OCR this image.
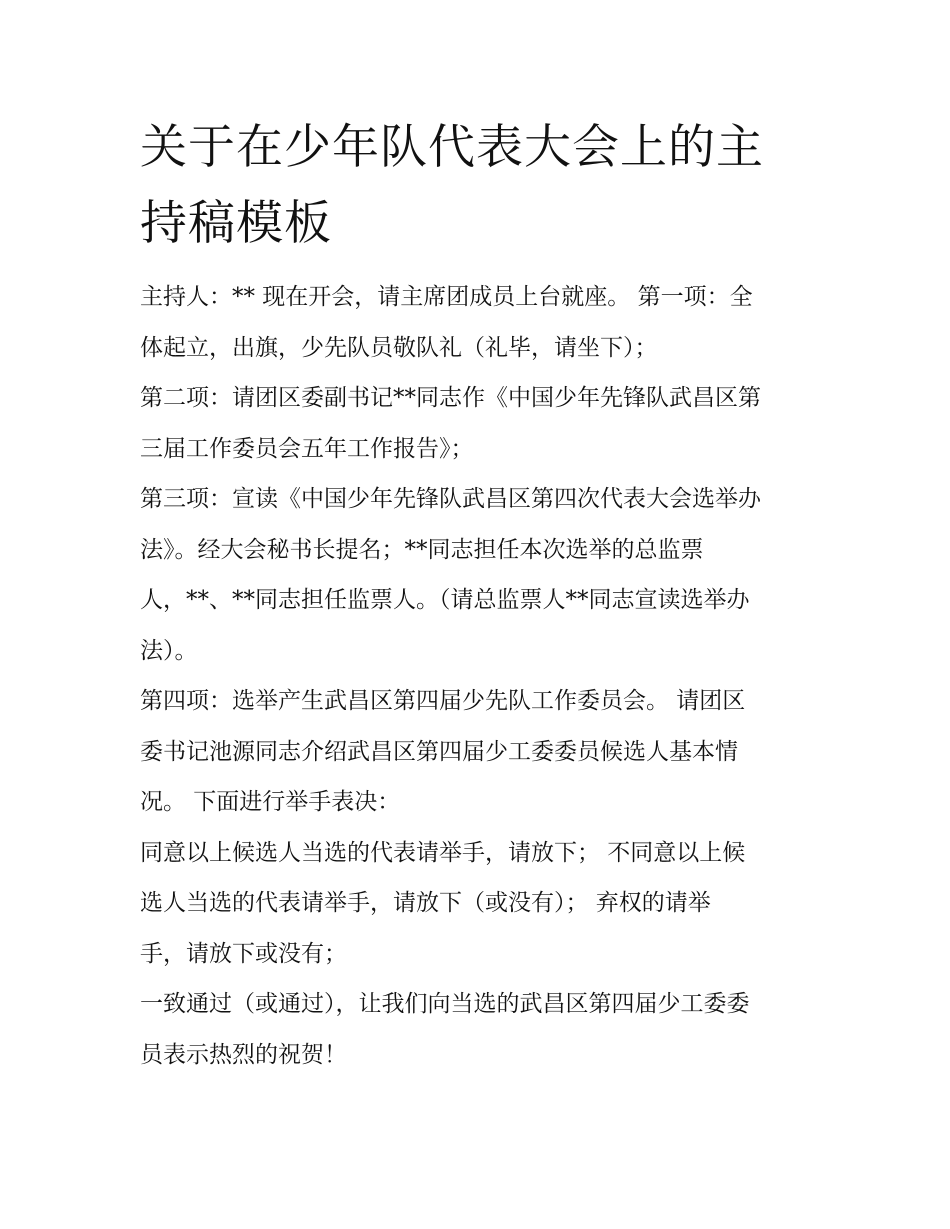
关于在少年队代表大会上的主
持稿模板
主持人：** 现在开会，请主席团成员上台就座。 第一项：全
体起立，出旗，少先队员敬队礼（礼毕，请坐下）；
第二项：请团区委副书记**同志作《中国少年先锋队武昌区第
三届工作委员会五年工作报告》；
第三项：宣读《中国少年先锋队武昌区第四次代表大会选举办
法》。经大会秘书长提名；**同志担任本次选举的总监票
人，**、**同志担任监票人。（请总监票人**同志宣读选举办
法）。
第四项：选举产生武昌区第四届少先队工作委员会。 请团区
委书记池源同志介绍武昌区第四届少工委委员候选人基本情
况。 下面进行举手表决：
同意以上候选人当选的代表请举手，请放下； 不同意以上候
选人当选的代表请举手，请放下（或没有）； 弃权的请举
手，请放下或没有；
一致通过（或通过），让我们向当选的武昌区第四届少工委委
员表示热烈的祝贺！
